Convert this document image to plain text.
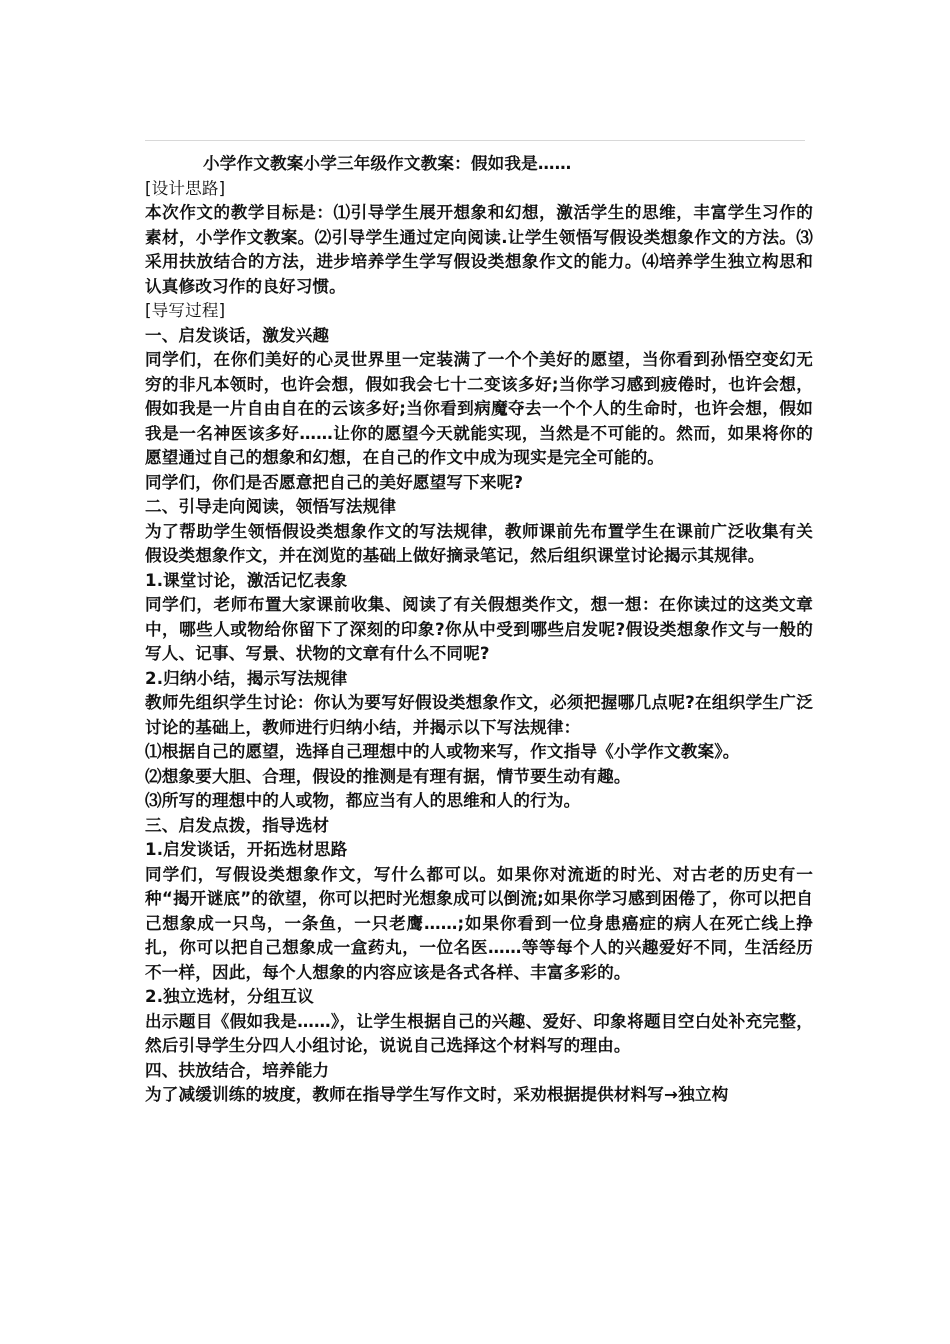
小学作文教案小学三年级作文教案：假如我是……

[设计思路]

本次作文的教学目标是：⑴引导学生展开想象和幻想，激活学生的思维，丰富学生习作的素材，小学作文教案。⑵引导学生通过定向阅读.让学生领悟写假设类想象作文的方法。⑶采用扶放结合的方法，进步培养学生学写假设类想象作文的能力。⑷培养学生独立构思和认真修改习作的良好习惯。

[导写过程]

一、启发谈话，激发兴趣

同学们，在你们美好的心灵世界里一定装满了一个个美好的愿望，当你看到孙悟空变幻无穷的非凡本领时，也许会想，假如我会七十二变该多好;当你学习感到疲倦时，也许会想，假如我是一片自由自在的云该多好;当你看到病魔夺去一个个人的生命时，也许会想，假如我是一名神医该多好……让你的愿望今天就能实现，当然是不可能的。然而，如果将你的愿望通过自己的想象和幻想，在自己的作文中成为现实是完全可能的。

同学们，你们是否愿意把自己的美好愿望写下来呢?

二、引导走向阅读，领悟写法规律

为了帮助学生领悟假设类想象作文的写法规律，教师课前先布置学生在课前广泛收集有关假设类想象作文，并在浏览的基础上做好摘录笔记，然后组织课堂讨论揭示其规律。

1.课堂讨论，激活记忆表象

同学们，老师布置大家课前收集、阅读了有关假想类作文，想一想：在你读过的这类文章中，哪些人或物给你留下了深刻的印象?你从中受到哪些启发呢?假设类想象作文与一般的写人、记事、写景、状物的文章有什么不同呢?

2.归纳小结，揭示写法规律

教师先组织学生讨论：你认为要写好假设类想象作文，必须把握哪几点呢?在组织学生广泛讨论的基础上，教师进行归纳小结，并揭示以下写法规律：

⑴根据自己的愿望，选择自己理想中的人或物来写，作文指导《小学作文教案》。

⑵想象要大胆、合理，假设的推测是有理有据，情节要生动有趣。

⑶所写的理想中的人或物，都应当有人的思维和人的行为。

三、启发点拨，指导选材

1.启发谈话，开拓选材思路

同学们，写假设类想象作文，写什么都可以。如果你对流逝的时光、对古老的历史有一种“揭开谜底”的欲望，你可以把时光想象成可以倒流;如果你学习感到困倦了，你可以把自己想象成一只鸟，一条鱼，一只老鹰……;如果你看到一位身患癌症的病人在死亡线上挣扎，你可以把自己想象成一盒药丸，一位名医……等等每个人的兴趣爱好不同，生活经历不一样，因此，每个人想象的内容应该是各式各样、丰富多彩的。

2.独立选材，分组互议

出示题目《假如我是……》，让学生根据自己的兴趣、爱好、印象将题目空白处补充完整，然后引导学生分四人小组讨论，说说自己选择这个材料写的理由。

四、扶放结合，培养能力

为了减缓训练的坡度，教师在指导学生写作文时，采劝根据提供材料写→独立构
